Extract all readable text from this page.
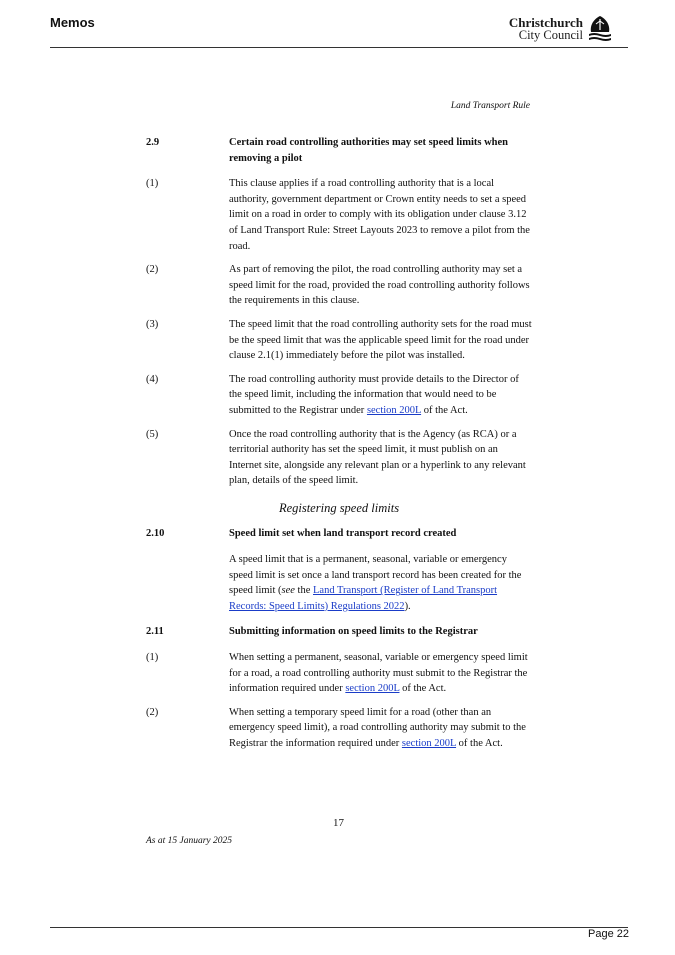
Memos	Christchurch
City Council
Land Transport Rule
2.9	Certain road controlling authorities may set speed limits when removing a pilot
(1)	This clause applies if a road controlling authority that is a local authority, government department or Crown entity needs to set a speed limit on a road in order to comply with its obligation under clause 3.12 of Land Transport Rule: Street Layouts 2023 to remove a pilot from the road.
(2)	As part of removing the pilot, the road controlling authority may set a speed limit for the road, provided the road controlling authority follows the requirements in this clause.
(3)	The speed limit that the road controlling authority sets for the road must be the speed limit that was the applicable speed limit for the road under clause 2.1(1) immediately before the pilot was installed.
(4)	The road controlling authority must provide details to the Director of the speed limit, including the information that would need to be submitted to the Registrar under section 200L of the Act.
(5)	Once the road controlling authority that is the Agency (as RCA) or a territorial authority has set the speed limit, it must publish on an Internet site, alongside any relevant plan or a hyperlink to any relevant plan, details of the speed limit.
Registering speed limits
2.10	Speed limit set when land transport record created
A speed limit that is a permanent, seasonal, variable or emergency speed limit is set once a land transport record has been created for the speed limit (see the Land Transport (Register of Land Transport Records: Speed Limits) Regulations 2022).
2.11	Submitting information on speed limits to the Registrar
(1)	When setting a permanent, seasonal, variable or emergency speed limit for a road, a road controlling authority must submit to the Registrar the information required under section 200L of the Act.
(2)	When setting a temporary speed limit for a road (other than an emergency speed limit), a road controlling authority may submit to the Registrar the information required under section 200L of the Act.
17
As at 15 January 2025
Page 22
